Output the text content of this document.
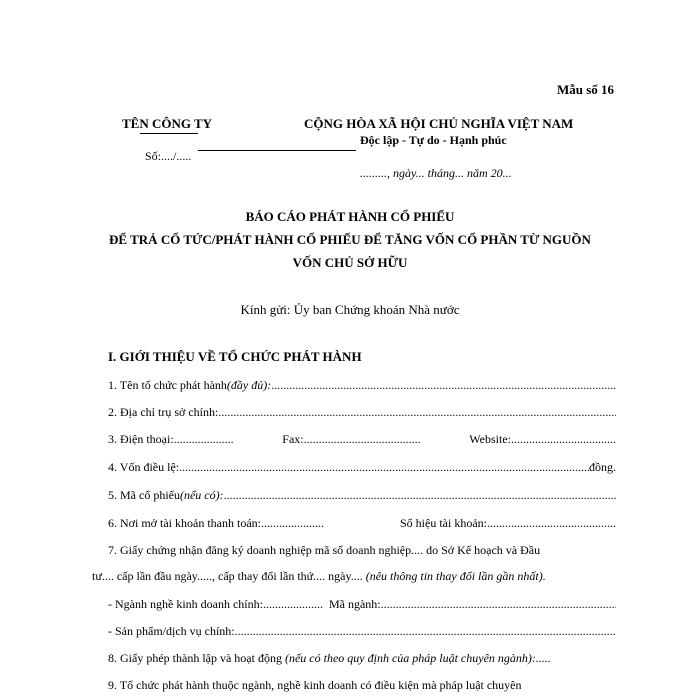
Mẫu số 16
TÊN CÔNG TY	CỘNG HÒA XÃ HỘI CHỦ NGHĨA VIỆT NAM
Độc lập - Tự do - Hạnh phúc
Số:..../.....
........., ngày... tháng... năm 20...
BÁO CÁO PHÁT HÀNH CỔ PHIẾU
ĐỂ TRẢ CỔ TỨC/PHÁT HÀNH CỔ PHIẾU ĐỂ TĂNG VỐN CỔ PHẦN TỪ NGUỒN
VỐN CHỦ SỞ HỮU
Kính gửi: Ủy ban Chứng khoán Nhà nước
I. GIỚI THIỆU VỀ TỔ CHỨC PHÁT HÀNH
1. Tên tổ chức phát hành (đầy đủ):
.....
2. Địa chỉ trụ sở chính:
.....
3. Điện thoại:....................	Fax:.......................................	Website:...................................
4. Vốn điều lệ:
.....	đồng.
5. Mã cổ phiếu (nếu có):
.....
6. Nơi mở tài khoản thanh toán:.....................	Số hiệu tài khoản:...........................................
7. Giấy chứng nhận đăng ký doanh nghiệp mã số doanh nghiệp.... do Sở Kế hoạch và Đầu
tư.... cấp lần đầu ngày....., cấp thay đổi lần thứ.... ngày.... (nêu thông tin thay đổi lần gần nhất).
- Ngành nghề kinh doanh chính:.................... Mã ngành:
.....
- Sản phẩm/dịch vụ chính:
.....
8. Giấy phép thành lập và hoạt động (nếu có theo quy định của pháp luật chuyên ngành):.....
9. Tổ chức phát hành thuộc ngành, nghề kinh doanh có điều kiện mà pháp luật chuyên
